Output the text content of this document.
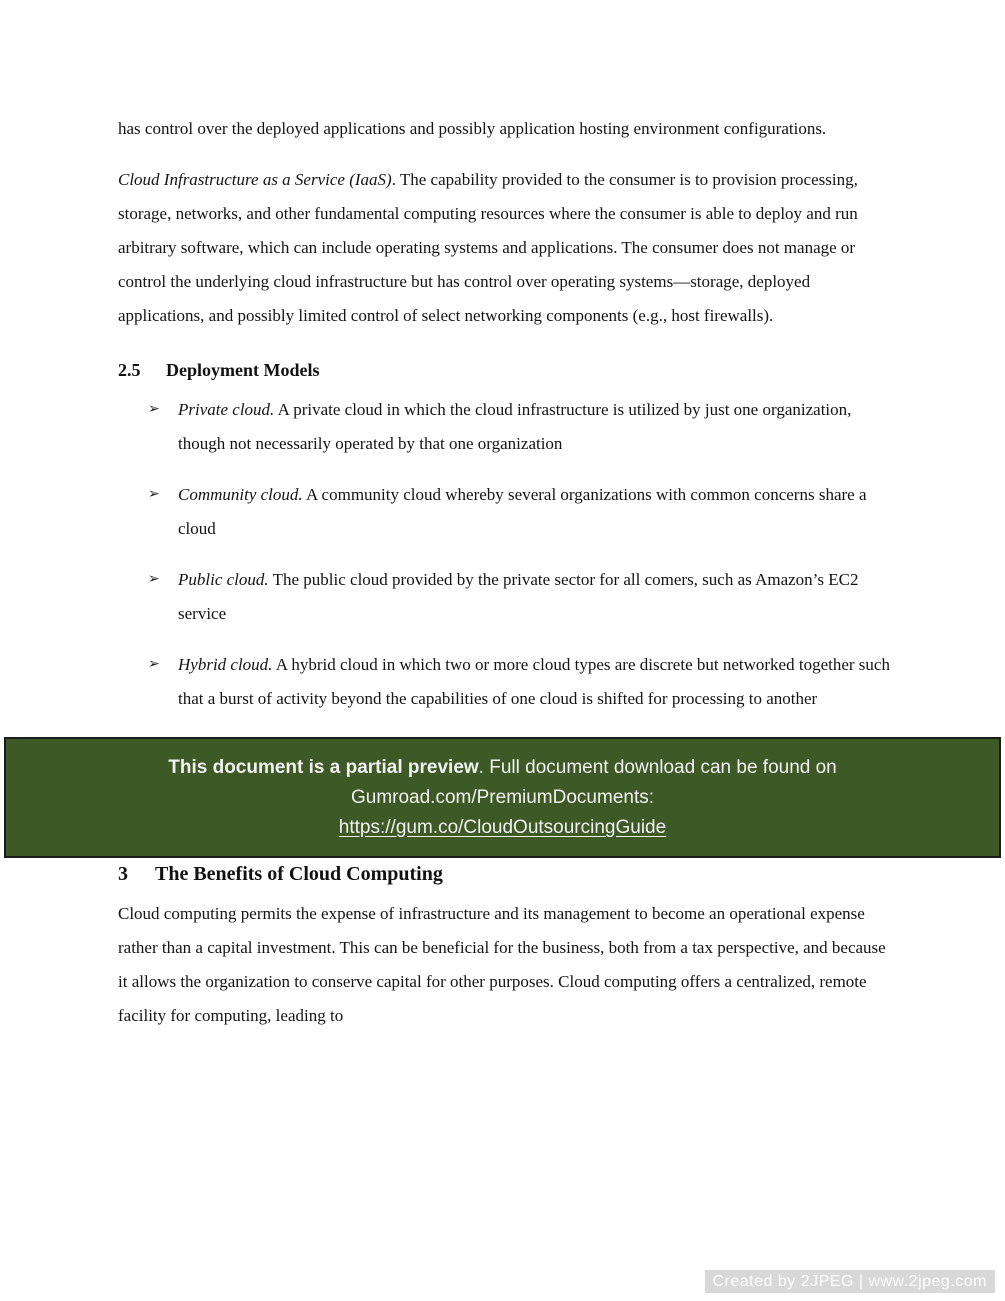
has control over the deployed applications and possibly application hosting environment configurations.

Cloud Infrastructure as a Service (IaaS). The capability provided to the consumer is to provision processing, storage, networks, and other fundamental computing resources where the consumer is able to deploy and run arbitrary software, which can include operating systems and applications. The consumer does not manage or control the underlying cloud infrastructure but has control over operating systems—storage, deployed applications, and possibly limited control of select networking components (e.g., host firewalls).

2.5 Deployment Models
➢	Private cloud. A private cloud in which the cloud infrastructure is utilized by just one organization, though not necessarily operated by that one organization
➢	Community cloud. A community cloud whereby several organizations with common concerns share a cloud
➢	Public cloud. The public cloud provided by the private sector for all comers, such as Amazon’s EC2 service
➢	Hybrid cloud. A hybrid cloud in which two or more cloud types are discrete but networked together such that a burst of activity beyond the capabilities of one cloud is shifted for processing to another
This document is a partial preview. Full document download can be found on
Gumroad.com/PremiumDocuments:
https://gum.co/CloudOutsourcingGuide
3 The Benefits of Cloud Computing

Cloud computing permits the expense of infrastructure and its management to become an operational expense rather than a capital investment. This can be beneficial for the business, both from a tax perspective, and because it allows the organization to conserve capital for other purposes. Cloud computing offers a centralized, remote facility for computing, leading to

Created by 2JPEG | www.2jpeg.com
